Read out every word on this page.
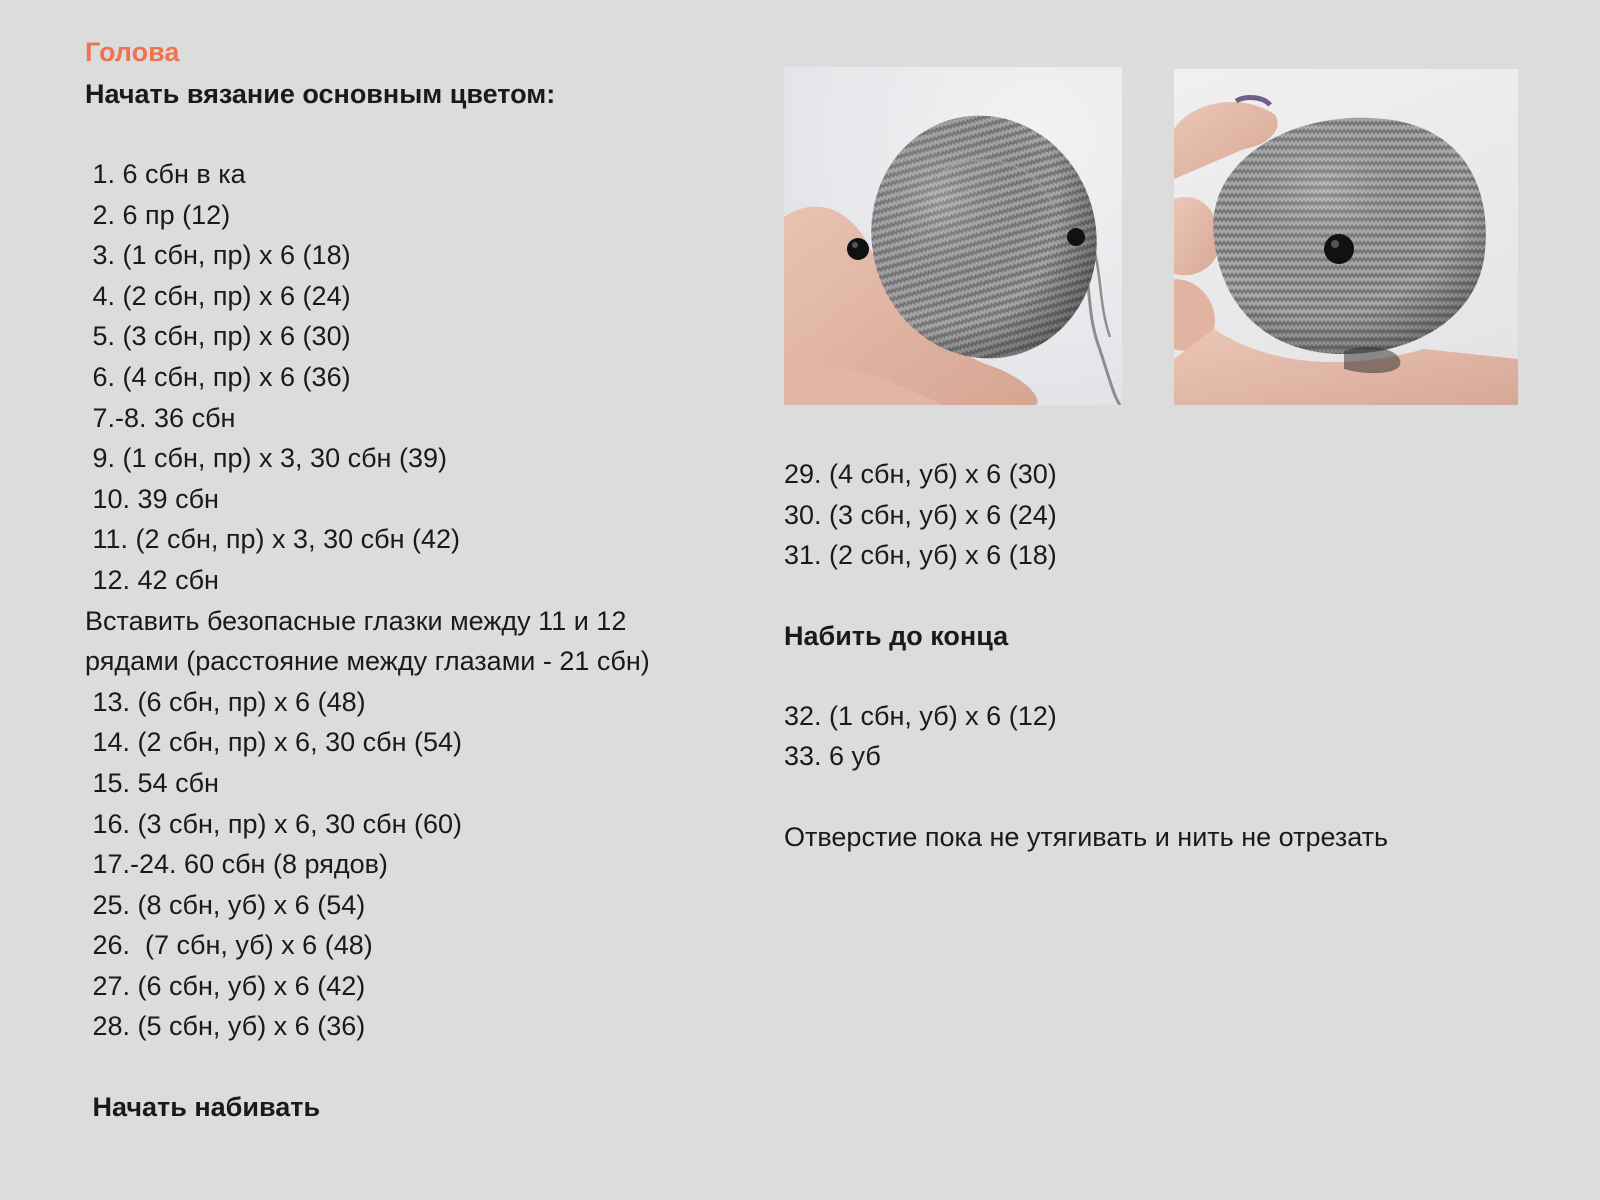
Голова

Начать вязание основным цветом:

1. 6 сбн в ка

2. 6 пр (12)

3. (1 сбн, пр) х 6 (18)

4. (2 сбн, пр) х 6 (24)

5. (3 сбн, пр) х 6 (30)

6. (4 сбн, пр) х 6 (36)

7.-8. 36 сбн

9. (1 сбн, пр) х 3, 30 сбн (39)

10. 39 сбн

11. (2 сбн, пр) х 3, 30 сбн (42)

12. 42 сбн

Вставить безопасные глазки между 11 и 12 рядами (расстояние между глазами - 21 сбн)

13. (6 сбн, пр) х 6 (48)

14. (2 сбн, пр) х 6, 30 сбн (54)

15. 54 сбн

16. (3 сбн, пр) х 6, 30 сбн (60)

17.-24. 60 сбн (8 рядов)

25. (8 сбн, уб) х 6 (54)

26.  (7 сбн, уб) х 6 (48)

27. (6 сбн, уб) х 6 (42)

28. (5 сбн, уб) х 6 (36)

Начать набивать

29. (4 сбн, уб) х 6 (30)

30. (3 сбн, уб) х 6 (24)

31. (2 сбн, уб) х 6 (18)

Набить до конца

32. (1 сбн, уб) х 6 (12)

33. 6 уб

Отверстие пока не утягивать и нить не отрезать
